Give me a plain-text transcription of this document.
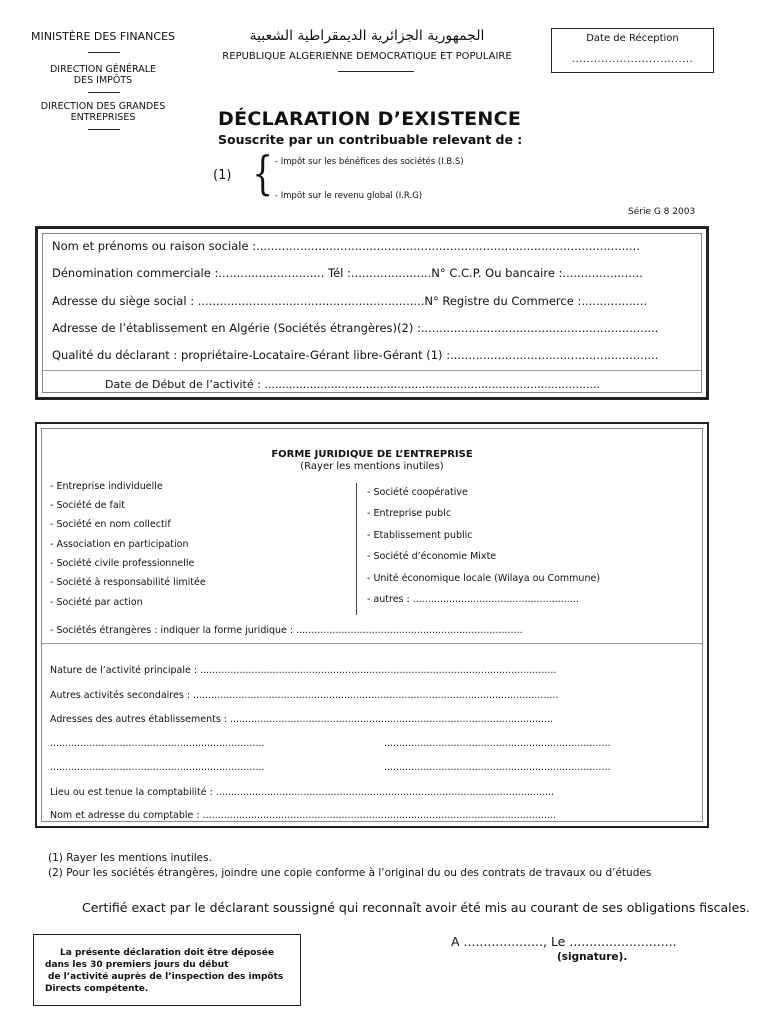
MINISTÈRE DES FINANCES
DIRECTION GÉNÉRALE
DES IMPÔTS
DIRECTION DES GRANDES
ENTREPRISES
الجمهورية الجزائرية الديمقراطية الشعبية
REPUBLIQUE ALGERIENNE DEMOCRATIQUE ET POPULAIRE
Date de Réception
.................................
DÉCLARATION D’EXISTENCE
Souscrite par un contribuable relevant de :
(1) { - Impôt sur les bénéfices des sociétés (I.B.S)
- Impôt sur le revenu global (I.R.G)
Série G 8 2003
Nom et prénoms ou raison sociale :.........................................................................................................
Dénomination commerciale :............................. Tél :......................N° C.C.P. Ou bancaire :......................
Adresse du siège social : ..............................................................N° Registre du Commerce :..................
Adresse de l’établissement en Algérie (Sociétés étrangères)(2) :.................................................................
Qualité du déclarant : propriétaire-Locataire-Gérant libre-Gérant (1) :.........................................................
Date de Début de l’activité : ................................................................................................
FORME JURIDIQUE DE L’ENTREPRISE
(Rayer les mentions inutiles)
- Entreprise individuelle
- Société de fait
- Société en nom collectif
- Association en participation
- Société civile professionnelle
- Société à responsabilité limitée
- Société par action
- Société coopérative
- Entreprise publc
- Etablissement public
- Société d’économie Mixte
- Unité économique locale (Wilaya ou Commune)
- autres : .......................................................
- Sociétés étrangères : indiquer la forme juridique : ...........................................................................
Nature de l’activité principale : ......................................................................................................................
Autres activités secondaires : .........................................................................................................................
Adresses des autres établissements : ...........................................................................................................
.......................................................................	...........................................................................
.......................................................................	...........................................................................
Lieu ou est tenue la comptabilité : ................................................................................................................
Nom et adresse du comptable : .....................................................................................................................
(1) Rayer les mentions inutiles.
(2) Pour les sociétés étrangères, joindre une copie conforme à l’original du ou des contrats de travaux ou d’études
Certifié exact par le déclarant soussigné qui reconnaît avoir été mis au courant de ses obligations fiscales.
A ...................., Le ...........................
(signature).
La présente déclaration doit être déposée
dans les 30 premiers jours du début
de l’activité auprès de l’inspection des impôts
Directs compétente.
